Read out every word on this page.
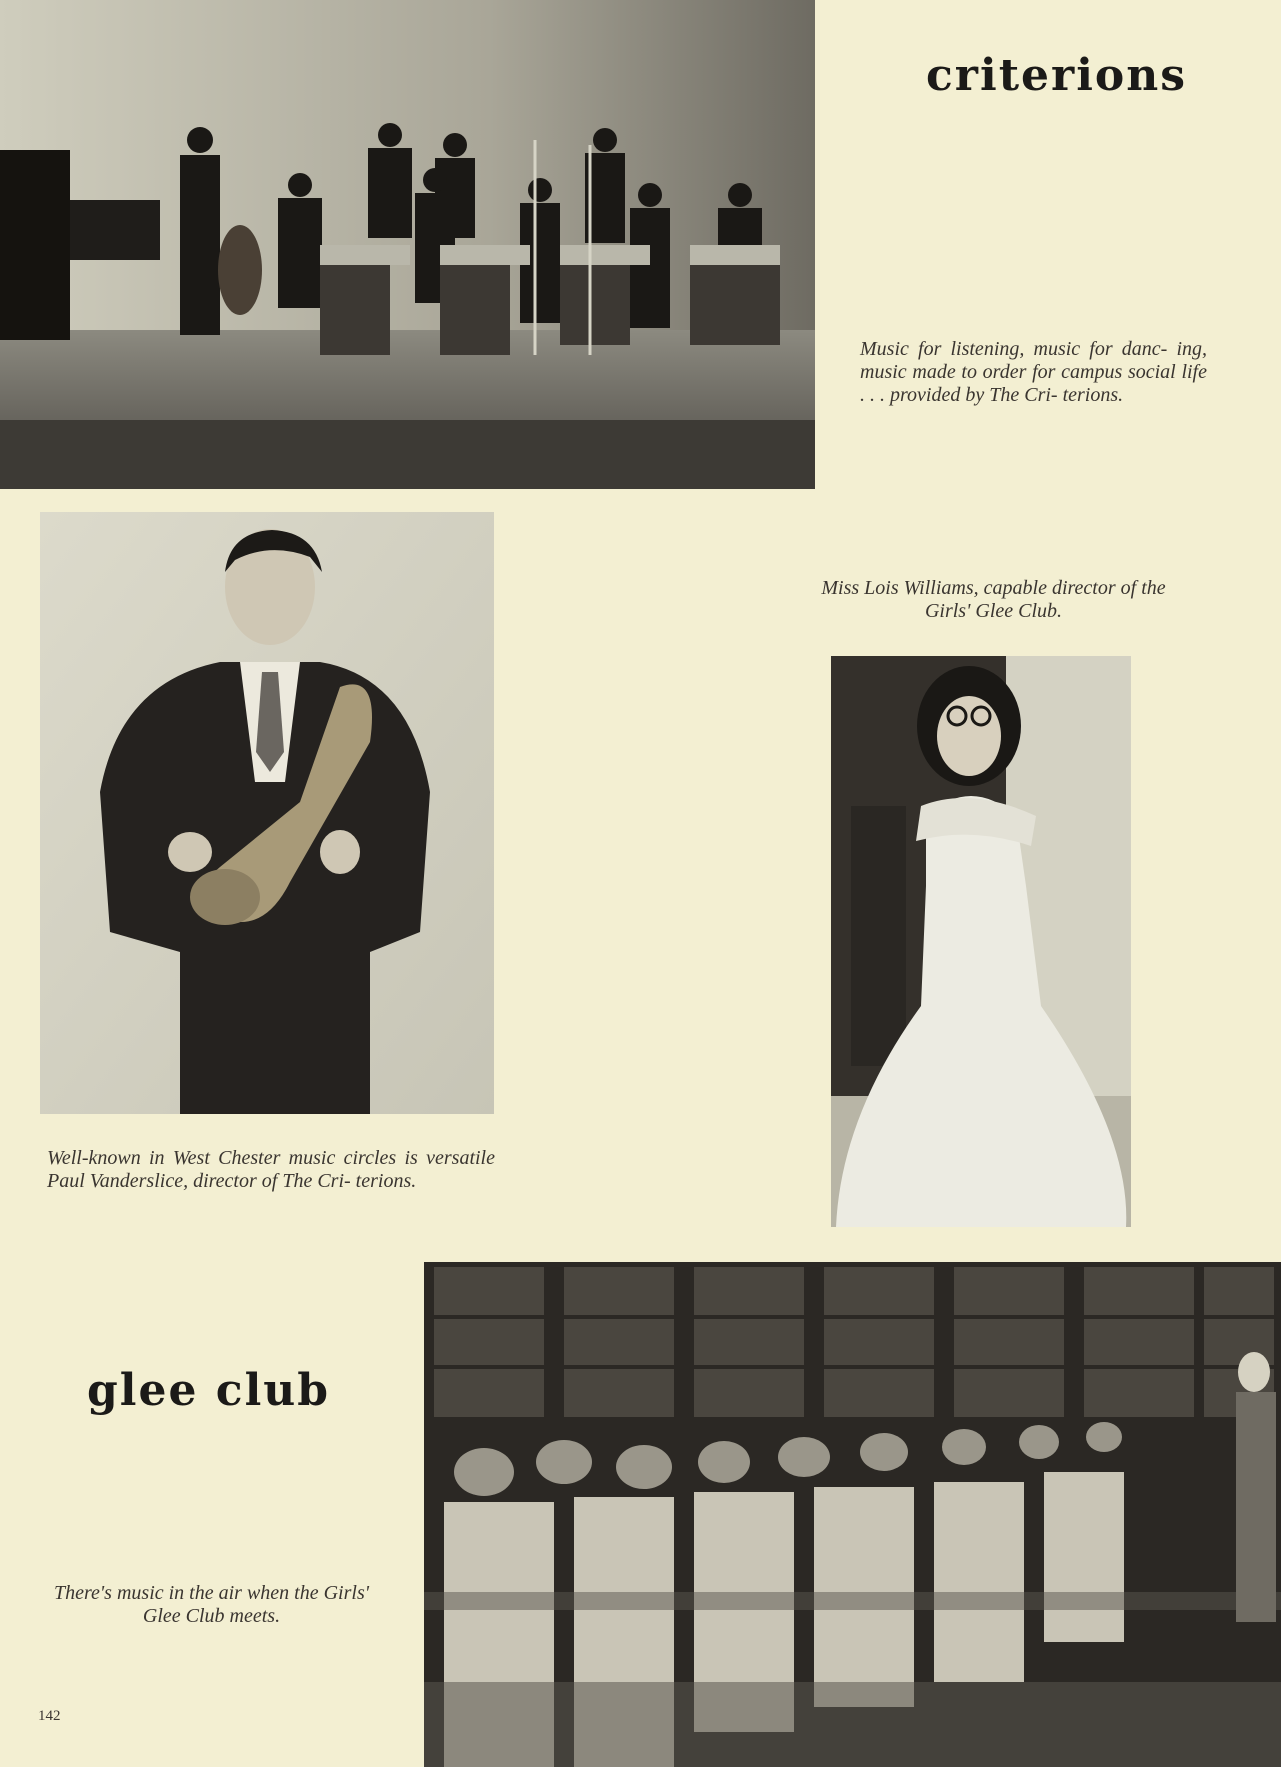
criterions

Music for listening, music for danc- ing, music made to order for campus social life . . . provided by The Cri- terions.

Well-known in West Chester music circles is versatile Paul Vanderslice, director of The Cri- terions.

Miss Lois Williams, capable director of the Girls' Glee Club.

glee club

There's music in the air when the Girls' Glee Club meets.

142
